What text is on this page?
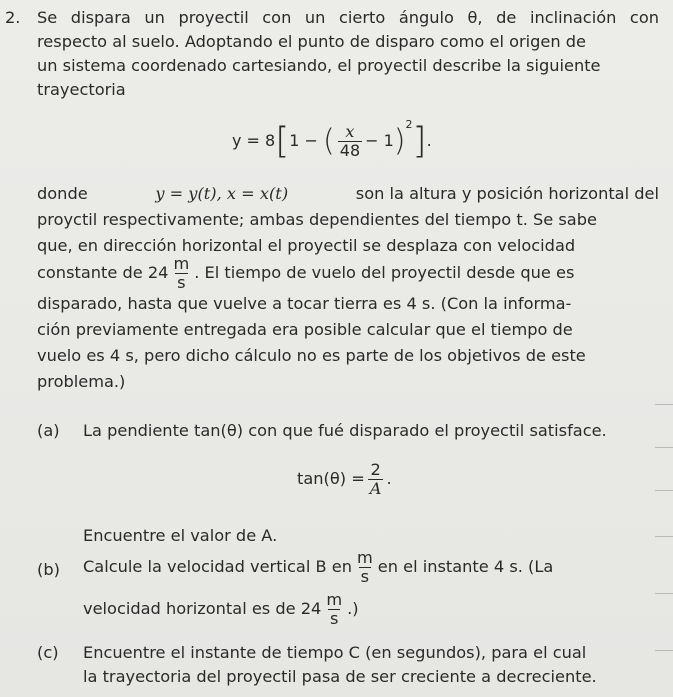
2. Se dispara un proyectil con un cierto ángulo θ, de inclinación con
respecto al suelo. Adoptando el punto de disparo como el origen de
un sistema coordenado cartesiando, el proyectil describe la siguiente
trayectoria
y = 8[1 − ( $\frac{x}{48} - 1)^2$].
donde	y = y(t), x = x(t)	son la altura y posición horizontal del
proyctil respectivamente; ambas dependientes del tiempo t. Se sabe
que, en dirección horizontal el proyectil se desplaza con velocidad
constante de $24 \frac{m}{s}$ . El tiempo de vuelo del proyectil desde que es
disparado, hasta que vuelve a tocar tierra es 4 s. (Con la informa-
ción previamente entregada era posible calcular que el tiempo de
vuelo es 4 s, pero dicho cálculo no es parte de los objetivos de este
problema.)
(a) La pendiente tan(θ) con que fué disparado el proyectil satisface.
$\tan(\theta) = \frac{2}{A}$ .
Encuentre el valor de A.
(b) Calcule la velocidad vertical B en $\frac{m}{s}$ en el instante 4 s. (La
velocidad horizontal es de $24 \frac{m}{s}$ .)
(c) Encuentre el instante de tiempo C (en segundos), para el cual
la trayectoria del proyectil pasa de ser creciente a decreciente.
